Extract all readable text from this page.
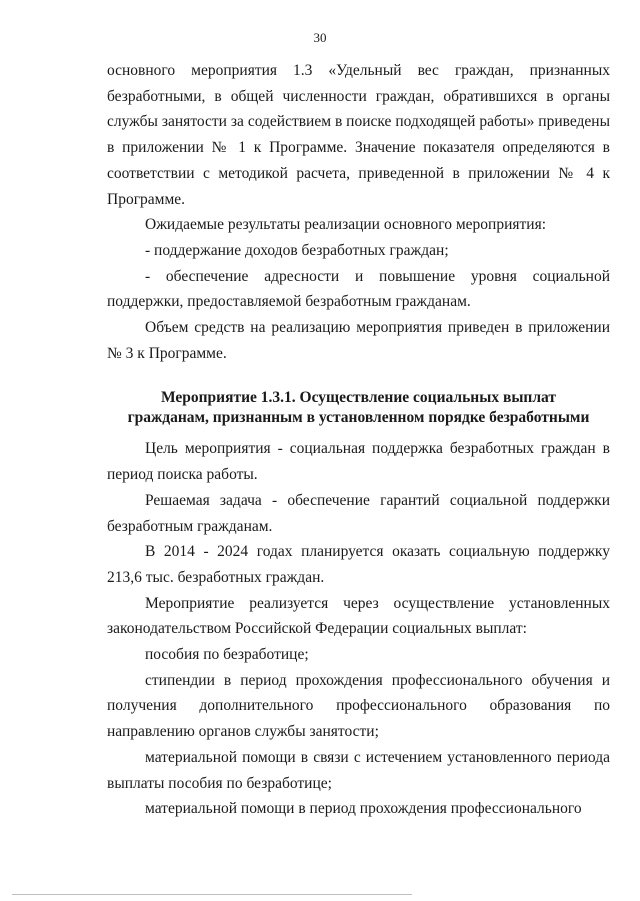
30

основного мероприятия 1.3 «Удельный вес граждан, признанных безработными, в общей численности граждан, обратившихся в органы службы занятости за содействием в поиске подходящей работы» приведены в приложении № 1 к Программе. Значение показателя определяются в соответствии с методикой расчета, приведенной в приложении № 4 к Программе.

Ожидаемые результаты реализации основного мероприятия:

- поддержание доходов безработных граждан;

- обеспечение адресности и повышение уровня социальной поддержки, предоставляемой безработным гражданам.

Объем средств на реализацию мероприятия приведен в приложении № 3 к Программе.

Мероприятие 1.3.1. Осуществление социальных выплат
гражданам, признанным в установленном порядке безработными

Цель мероприятия - социальная поддержка безработных граждан в период поиска работы.

Решаемая задача - обеспечение гарантий социальной поддержки безработным гражданам.

В 2014 - 2024 годах планируется оказать социальную поддержку 213,6 тыс. безработных граждан.

Мероприятие реализуется через осуществление установленных законодательством Российской Федерации социальных выплат:

пособия по безработице;

стипендии в период прохождения профессионального обучения и получения дополнительного профессионального образования по направлению органов службы занятости;

материальной помощи в связи с истечением установленного периода выплаты пособия по безработице;

материальной помощи в период прохождения профессионального
